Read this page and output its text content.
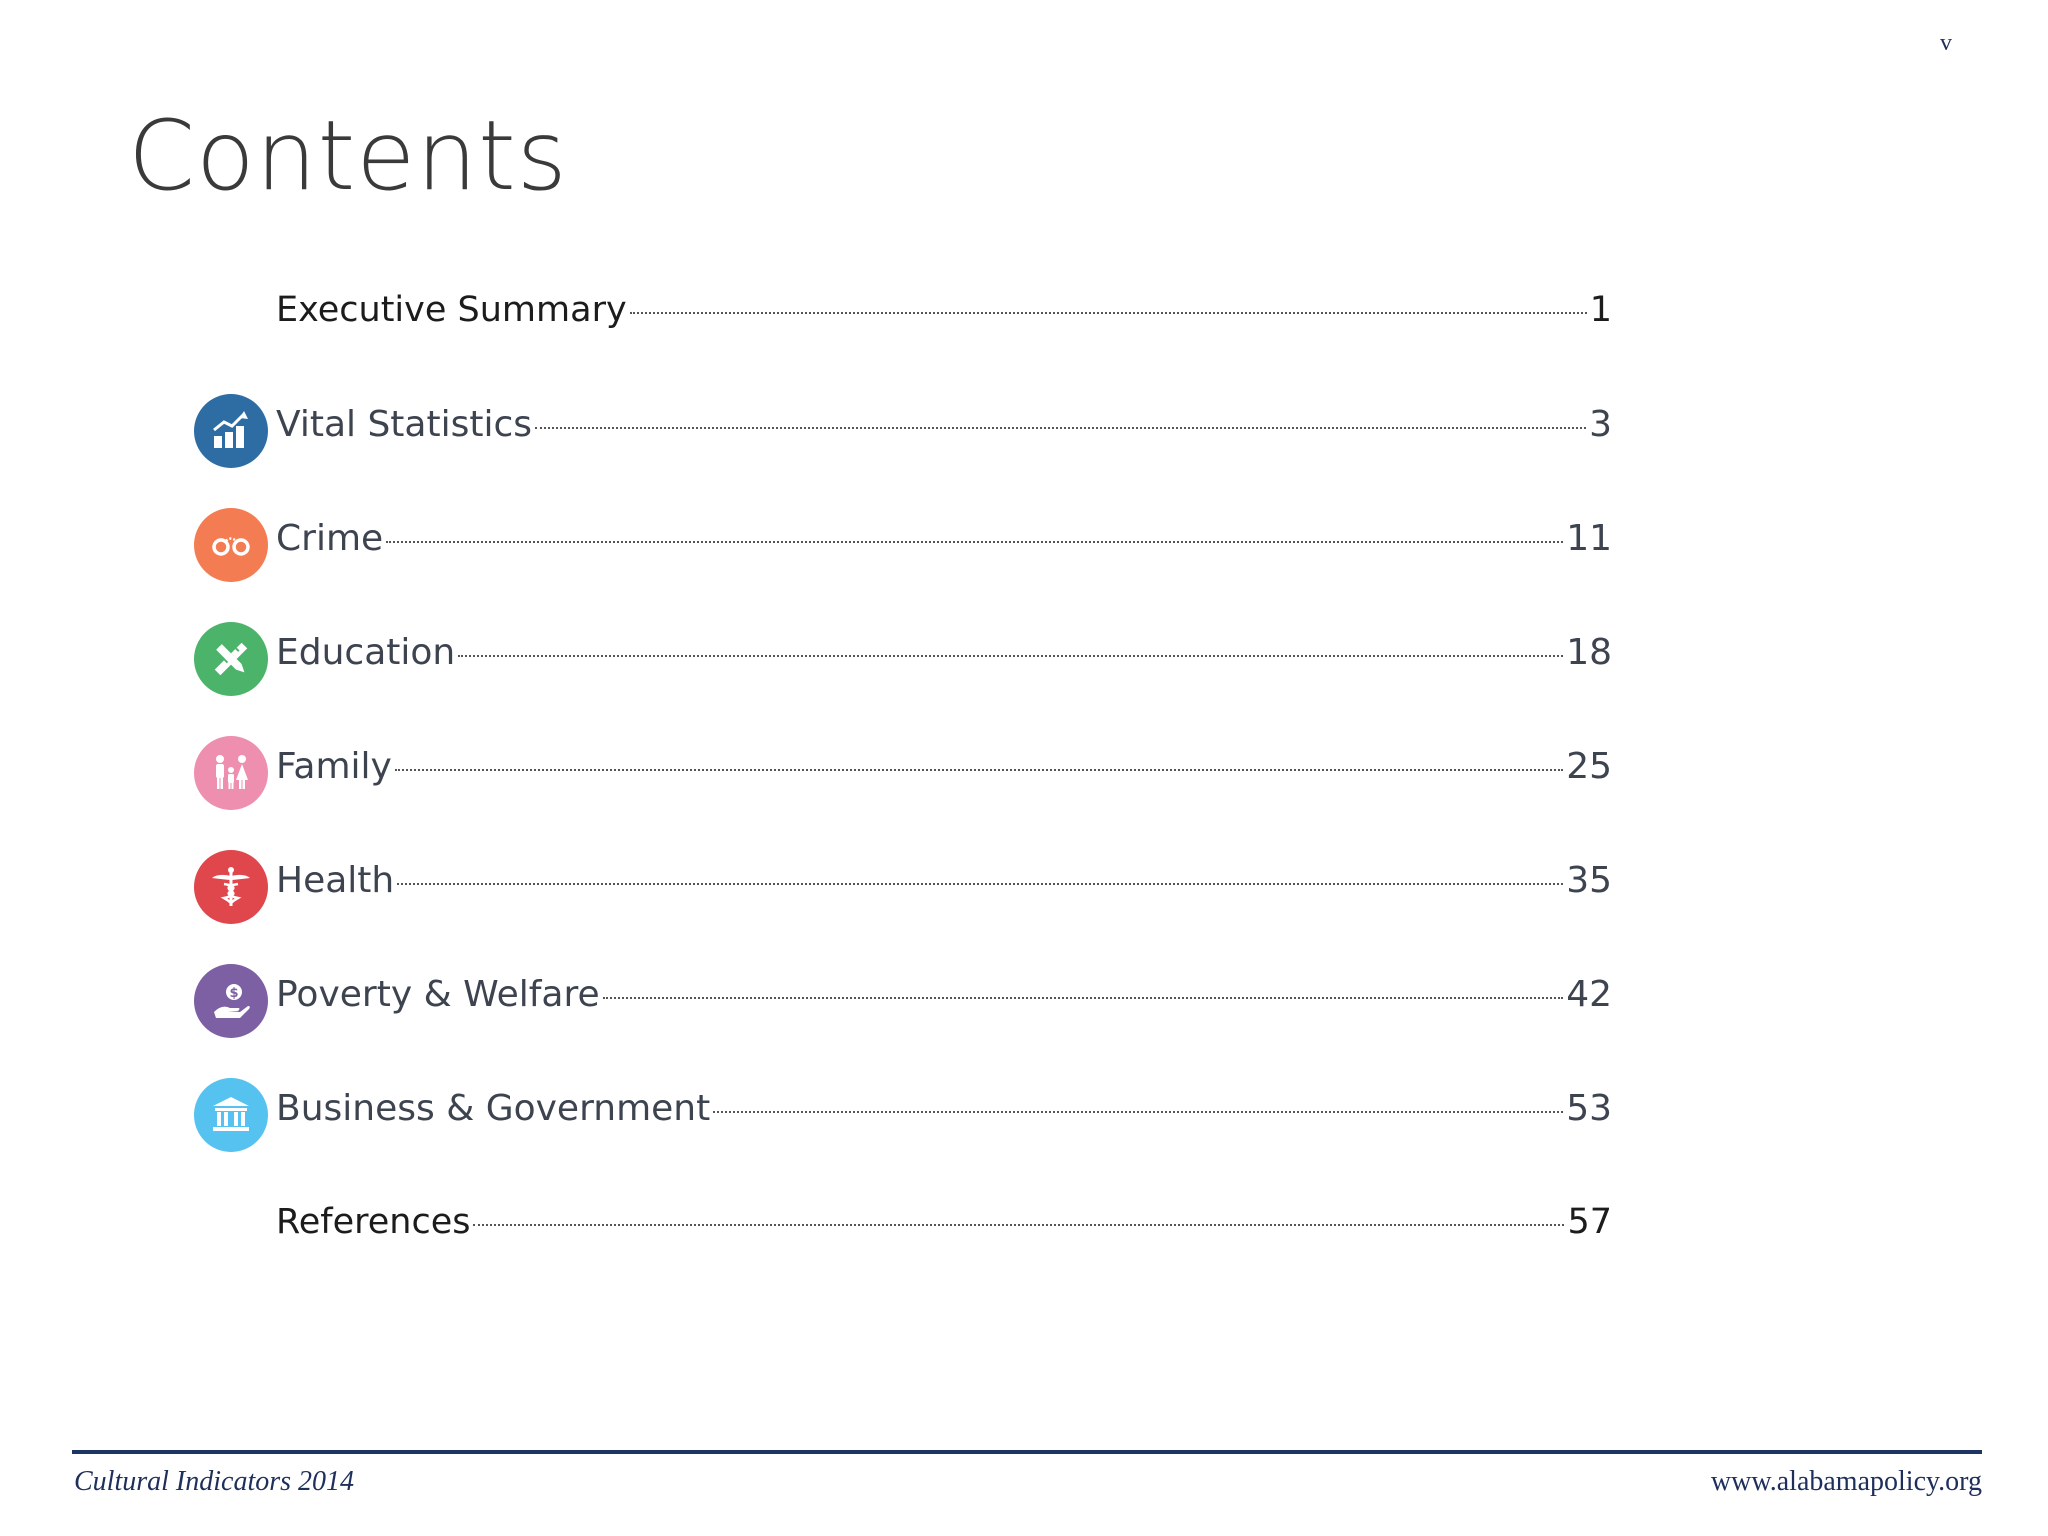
v
Contents
Executive Summary	1
Vital Statistics	3
Crime	11
Education	18
Family	25
Health	35
$ Poverty & Welfare	42
Business & Government	53
References	57
Cultural Indicators 2014	www.alabamapolicy.org
